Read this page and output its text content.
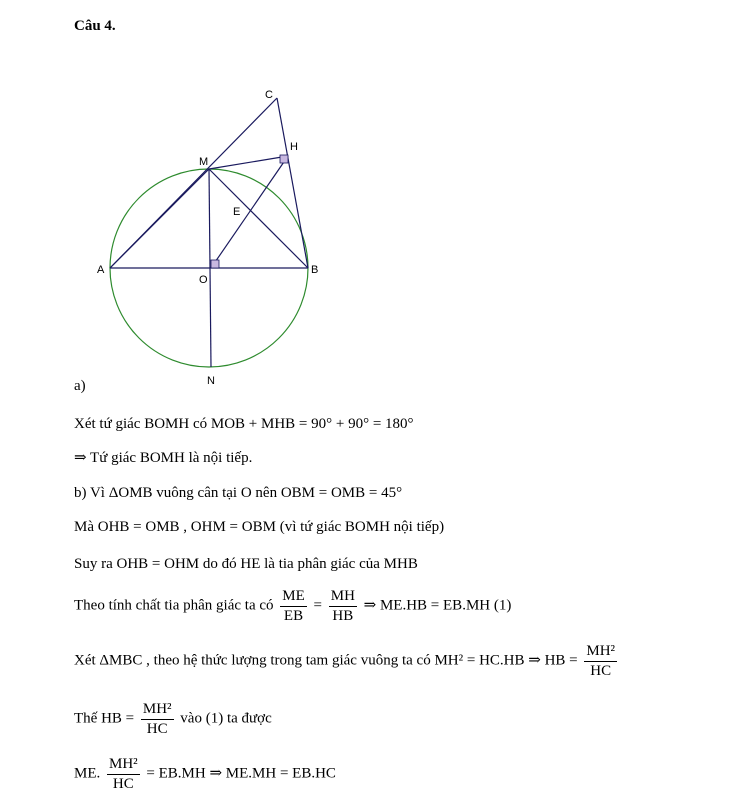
Câu 4.
C
H
M
E
A
O
B
N
a)
Xét tứ giác BOMH có MOB + MHB = 90° + 90° = 180°
⇒ Tứ giác BOMH là nội tiếp.
b) Vì ΔOMB vuông cân tại O nên OBM = OMB = 45°
Mà OHB = OMB , OHM = OBM (vì tứ giác BOMH nội tiếp)
Suy ra OHB = OHM do đó HE là tia phân giác của MHB
Theo tính chất tia phân giác ta có $\frac{ME}{EB} = \frac{MH}{HB}$ ⇒ ME.HB = EB.MH (1)
Xét ΔMBC , theo hệ thức lượng trong tam giác vuông ta có MH² = HC.HB ⇒ HB = $\frac{\text{MH²}}{HC}$
Thế HB = $\frac{\text{MH²}}{HC}$ vào (1) ta được
ME. $\frac{\text{MH²}}{HC} = EB.MH$ ⇒ ME.MH = EB.HC
